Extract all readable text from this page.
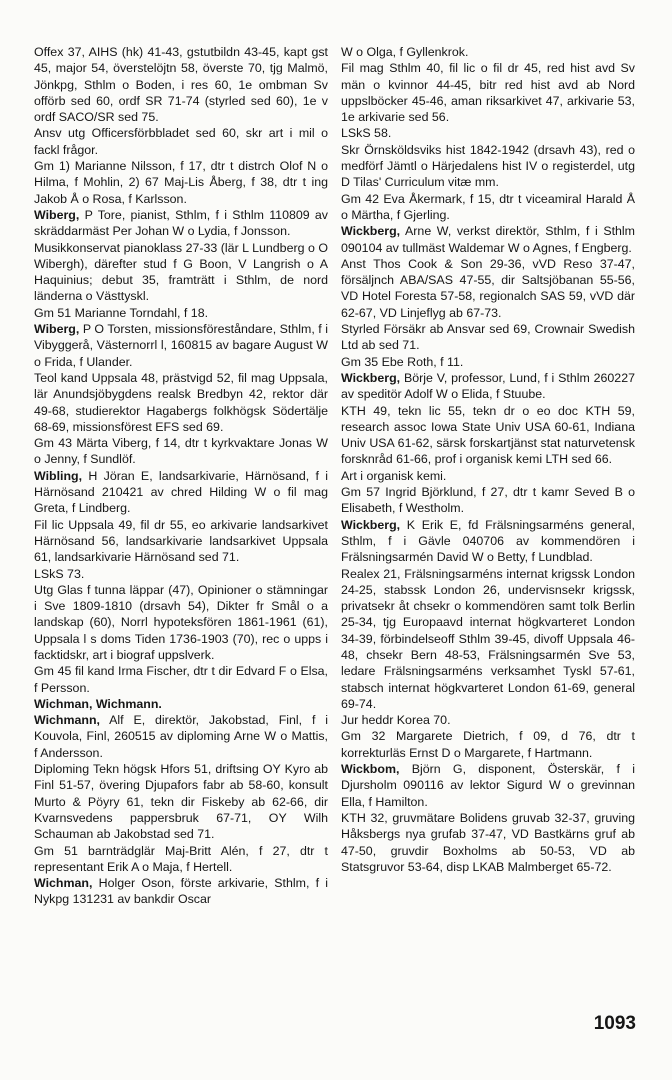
Offex 37, AIHS (hk) 41-43, gstutbildn 43-45, kapt gst 45, major 54, överstelöjtn 58, överste 70, tjg Malmö, Jönkpg, Sthlm o Boden, i res 60, 1e ombman Sv offörb sed 60, ordf SR 71-74 (styrled sed 60), 1e v ordf SACO/SR sed 75.

Ansv utg Officersförbbladet sed 60, skr art i mil o fackl frågor.

Gm 1) Marianne Nilsson, f 17, dtr t distrch Olof N o Hilma, f Mohlin, 2) 67 Maj-Lis Åberg, f 38, dtr t ing Jakob Å o Rosa, f Karlsson.

Wiberg, P Tore, pianist, Sthlm, f i Sthlm 110809 av skräddarmäst Per Johan W o Lydia, f Jonsson.

Musikkonservat pianoklass 27-33 (lär L Lundberg o O Wibergh), därefter stud f G Boon, V Langrish o A Haquinius; debut 35, framträtt i Sthlm, de nord länderna o Västtyskl.

Gm 51 Marianne Torndahl, f 18.

Wiberg, P O Torsten, missionsföreståndare, Sthlm, f i Vibyggerå, Västernorrl l, 160815 av bagare August W o Frida, f Ulander.

Teol kand Uppsala 48, prästvigd 52, fil mag Uppsala, lär Anundsjöbygdens realsk Bredbyn 42, rektor där 49-68, studierektor Hagabergs folkhögsk Södertälje 68-69, missionsförest EFS sed 69.

Gm 43 Märta Viberg, f 14, dtr t kyrkvaktare Jonas W o Jenny, f Sundlöf.

Wibling, H Jöran E, landsarkivarie, Härnösand, f i Härnösand 210421 av chred Hilding W o fil mag Greta, f Lindberg.

Fil lic Uppsala 49, fil dr 55, eo arkivarie landsarkivet Härnösand 56, landsarkivarie landsarkivet Uppsala 61, landsarkivarie Härnösand sed 71.

LSkS 73.

Utg Glas f tunna läppar (47), Opinioner o stämningar i Sve 1809-1810 (drsavh 54), Dikter fr Smål o a landskap (60), Norrl hypoteksfören 1861-1961 (61), Uppsala l s doms Tiden 1736-1903 (70), rec o upps i facktidskr, art i biograf uppslverk.

Gm 45 fil kand Irma Fischer, dtr t dir Edvard F o Elsa, f Persson.

Wichman, Wichmann.

Wichmann, Alf E, direktör, Jakobstad, Finl, f i Kouvola, Finl, 260515 av diploming Arne W o Mattis, f Andersson.

Diploming Tekn högsk Hfors 51, driftsing OY Kyro ab Finl 51-57, övering Djupafors fabr ab 58-60, konsult Murto & Pöyry 61, tekn dir Fiskeby ab 62-66, dir Kvarnsvedens pappersbruk 67-71, OY Wilh Schauman ab Jakobstad sed 71.

Gm 51 barnträdglär Maj-Britt Alén, f 27, dtr t representant Erik A o Maja, f Hertell.

Wichman, Holger Oson, förste arkivarie, Sthlm, f i Nykpg 131231 av bankdir Oscar

W o Olga, f Gyllenkrok.

Fil mag Sthlm 40, fil lic o fil dr 45, red hist avd Sv män o kvinnor 44-45, bitr red hist avd ab Nord uppslböcker 45-46, aman riksarkivet 47, arkivarie 53, 1e arkivarie sed 56.

LSkS 58.

Skr Örnsköldsviks hist 1842-1942 (drsavh 43), red o medförf Jämtl o Härjedalens hist IV o registerdel, utg D Tilas' Curriculum vitæ mm.

Gm 42 Eva Åkermark, f 15, dtr t viceamiral Harald Å o Märtha, f Gjerling.

Wickberg, Arne W, verkst direktör, Sthlm, f i Sthlm 090104 av tullmäst Waldemar W o Agnes, f Engberg.

Anst Thos Cook & Son 29-36, vVD Reso 37-47, försäljnch ABA/SAS 47-55, dir Saltsjöbanan 55-56, VD Hotel Foresta 57-58, regionalch SAS 59, vVD där 62-67, VD Linjeflyg ab 67-73.

Styrled Försäkr ab Ansvar sed 69, Crownair Swedish Ltd ab sed 71.

Gm 35 Ebe Roth, f 11.

Wickberg, Börje V, professor, Lund, f i Sthlm 260227 av speditör Adolf W o Elida, f Stuube.

KTH 49, tekn lic 55, tekn dr o eo doc KTH 59, research assoc Iowa State Univ USA 60-61, Indiana Univ USA 61-62, särsk forskartjänst stat naturvetensk forsknråd 61-66, prof i organisk kemi LTH sed 66.

Art i organisk kemi.

Gm 57 Ingrid Björklund, f 27, dtr t kamr Seved B o Elisabeth, f Westholm.

Wickberg, K Erik E, fd Frälsningsarméns general, Sthlm, f i Gävle 040706 av kommendören i Frälsningsarmén David W o Betty, f Lundblad.

Realex 21, Frälsningsarméns internat krigssk London 24-25, stabssk London 26, undervisnsekr krigssk, privatsekr åt chsekr o kommendören samt tolk Berlin 25-34, tjg Europaavd internat högkvarteret London 34-39, förbindelseoff Sthlm 39-45, divoff Uppsala 46-48, chsekr Bern 48-53, Frälsningsarmén Sve 53, ledare Frälsningsarméns verksamhet Tyskl 57-61, stabsch internat högkvarteret London 61-69, general 69-74.

Jur heddr Korea 70.

Gm 32 Margarete Dietrich, f 09, d 76, dtr t korrekturläs Ernst D o Margarete, f Hartmann.

Wickbom, Björn G, disponent, Österskär, f i Djursholm 090116 av lektor Sigurd W o grevinnan Ella, f Hamilton.

KTH 32, gruvmätare Bolidens gruvab 32-37, gruving Håksbergs nya grufab 37-47, VD Bastkärns gruf ab 47-50, gruvdir Boxholms ab 50-53, VD ab Statsgruvor 53-64, disp LKAB Malmberget 65-72.

1093
